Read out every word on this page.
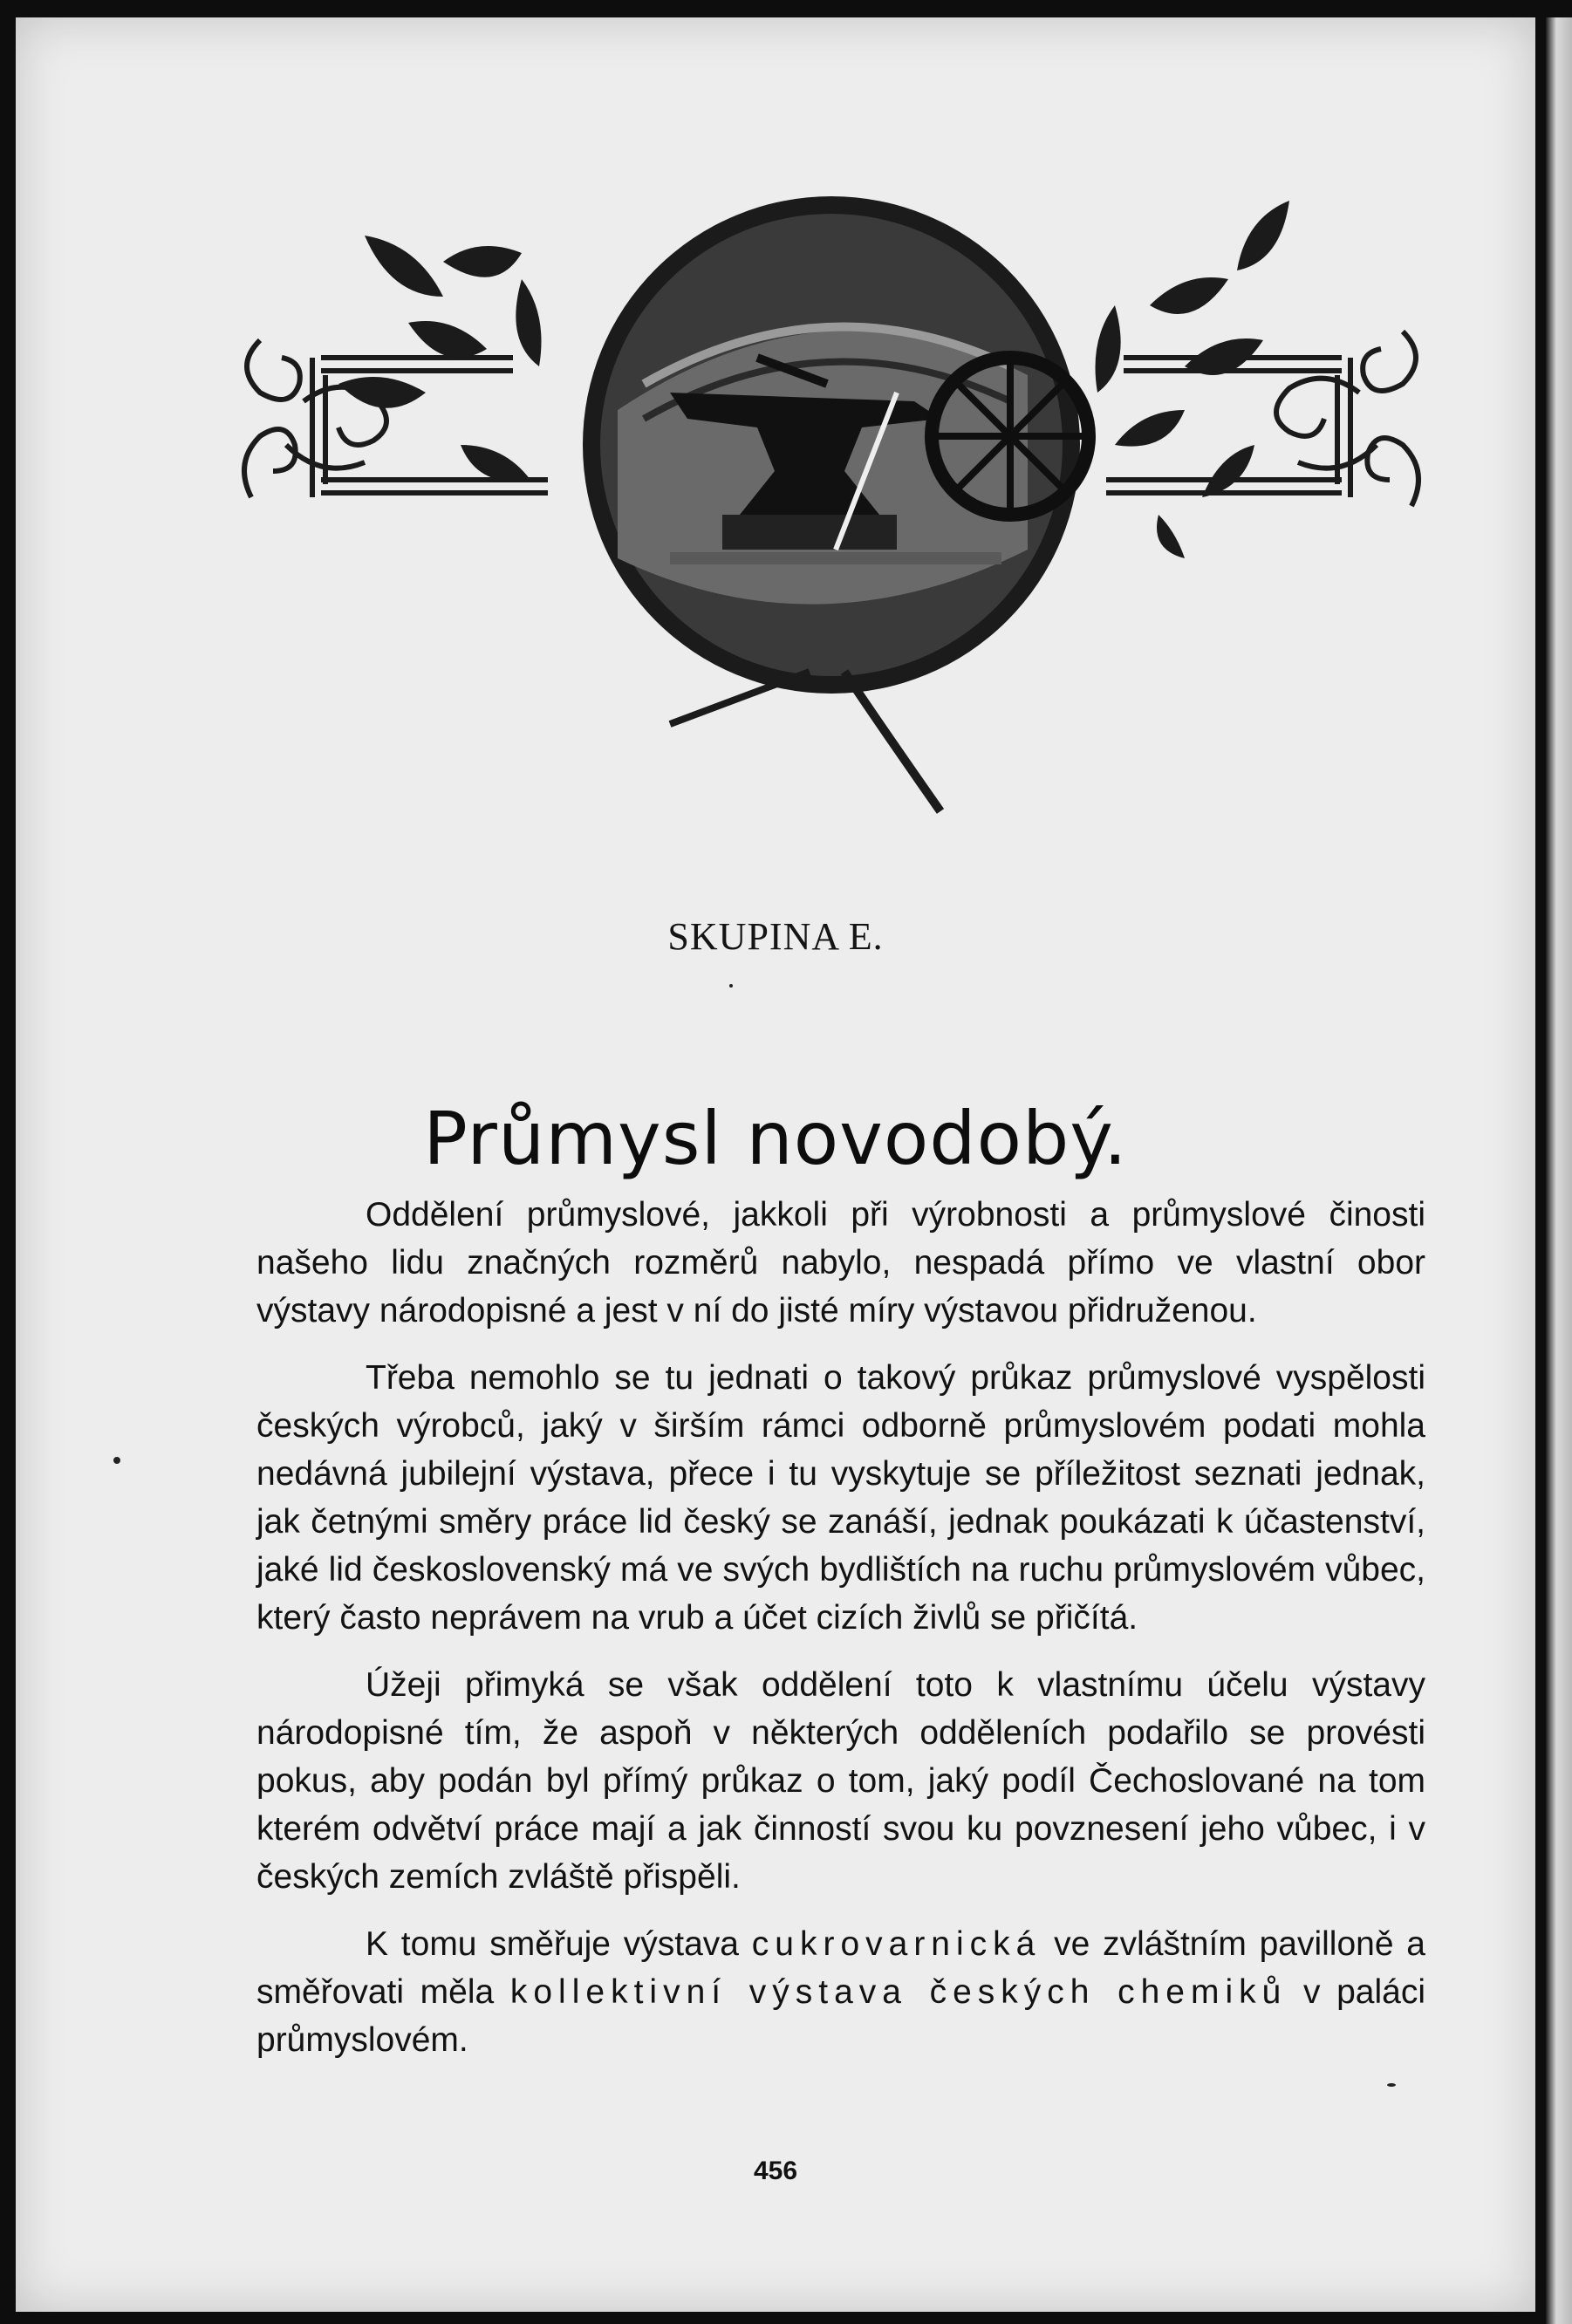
SKUPINA E.
Průmysl novodobý.

Oddělení průmyslové, jakkoli při výrobnosti a průmyslové činosti našeho lidu značných rozměrů nabylo, nespadá přímo ve vlastní obor výstavy národopisné a jest v ní do jisté míry výstavou přidruženou.

Třeba nemohlo se tu jednati o takový průkaz průmyslové vyspělosti českých výrobců, jaký v širším rámci odborně průmyslovém podati mohla nedávná jubilejní výstava, přece i tu vyskytuje se příležitost seznati jednak, jak četnými směry práce lid český se zanáší, jednak poukázati k účastenství, jaké lid československý má ve svých bydlištích na ruchu průmyslovém vůbec, který často neprávem na vrub a účet cizích živlů se přičítá.

Úžeji přimyká se však oddělení toto k vlastnímu účelu výstavy národopisné tím, že aspoň v některých odděleních podařilo se provésti pokus, aby podán byl přímý průkaz o tom, jaký podíl Čechoslované na tom kterém odvětví práce mají a jak činností svou ku povznesení jeho vůbec, i v českých zemích zvláště přispěli.

K tomu směřuje výstava cukrovarnická ve zvláštním pavilloně a směřovati měla kollektivní výstava českých chemiků v paláci průmyslovém.

456
